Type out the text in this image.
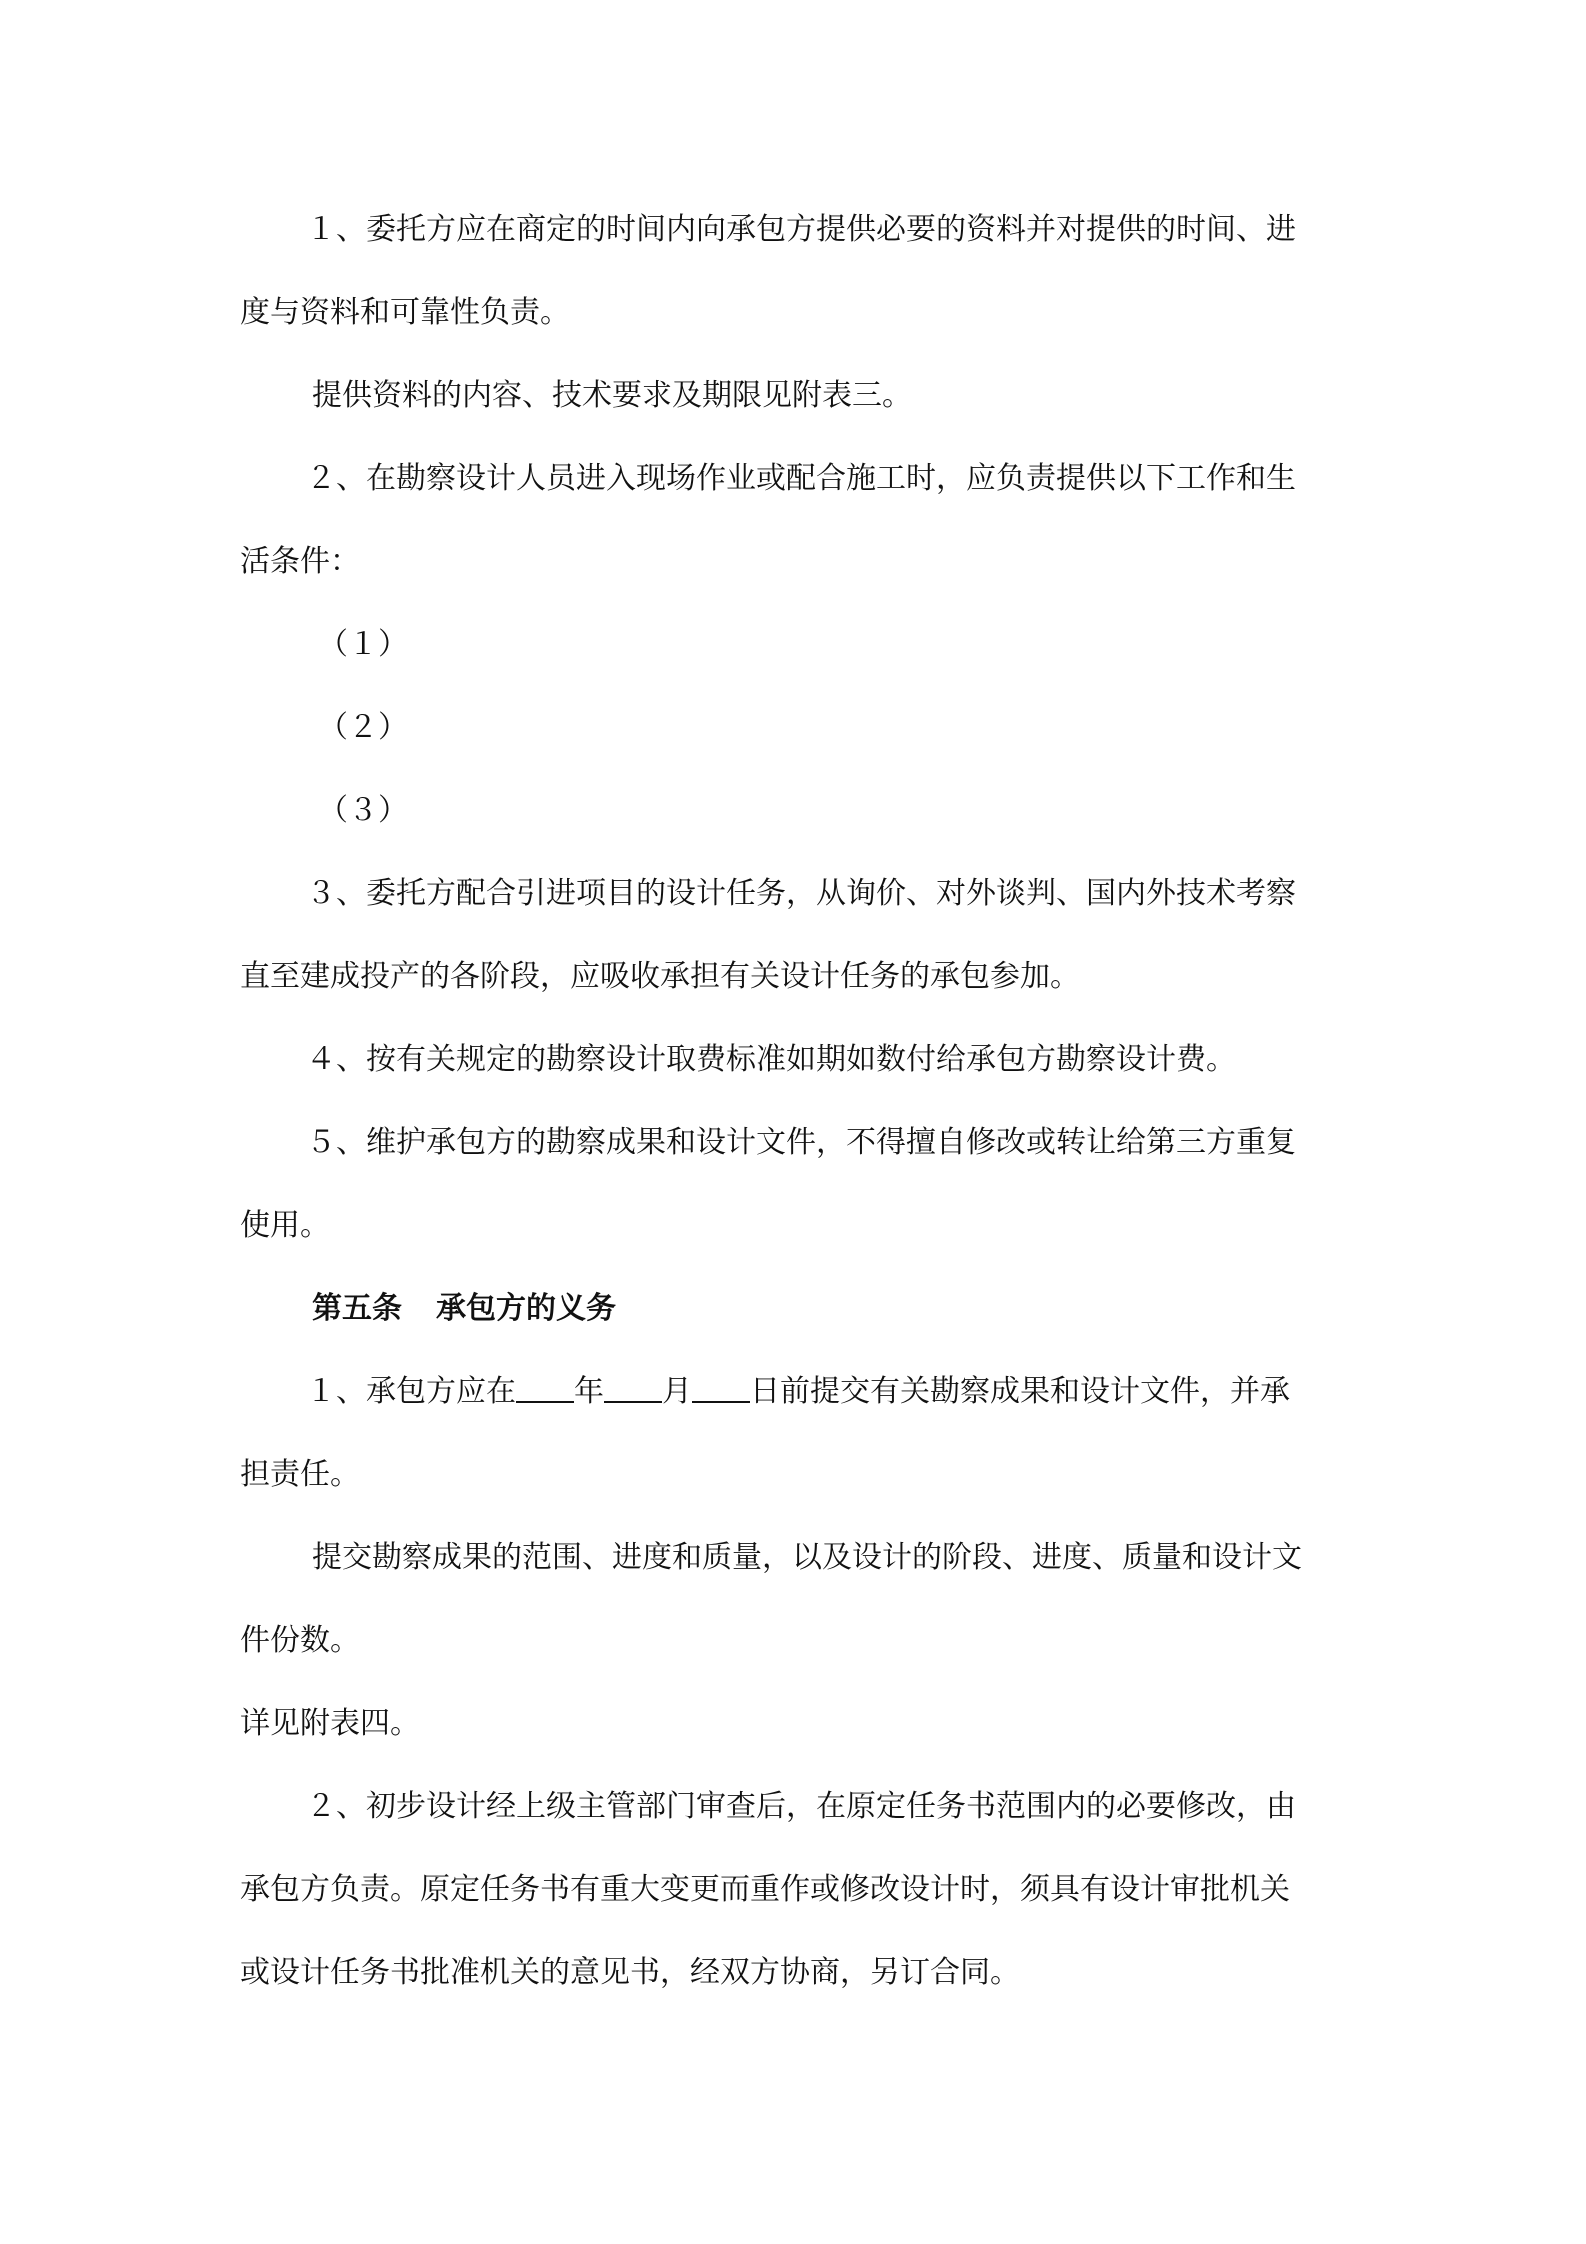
１、委托方应在商定的时间内向承包方提供必要的资料并对提供的时间、进
度与资料和可靠性负责。
提供资料的内容、技术要求及期限见附表三。
２、在勘察设计人员进入现场作业或配合施工时，应负责提供以下工作和生
活条件：
（１）
（２）
（３）
３、委托方配合引进项目的设计任务，从询价、对外谈判、国内外技术考察
直至建成投产的各阶段，应吸收承担有关设计任务的承包参加。
４、按有关规定的勘察设计取费标准如期如数付给承包方勘察设计费。
５、维护承包方的勘察成果和设计文件，不得擅自修改或转让给第三方重复
使用。
第五条 承包方的义务
１、承包方应在 年 月 日前提交有关勘察成果和设计文件，并承
担责任。
提交勘察成果的范围、进度和质量，以及设计的阶段、进度、质量和设计文
件份数。
详见附表四。
２、初步设计经上级主管部门审查后，在原定任务书范围内的必要修改，由
承包方负责。原定任务书有重大变更而重作或修改设计时，须具有设计审批机关
或设计任务书批准机关的意见书，经双方协商，另订合同。
